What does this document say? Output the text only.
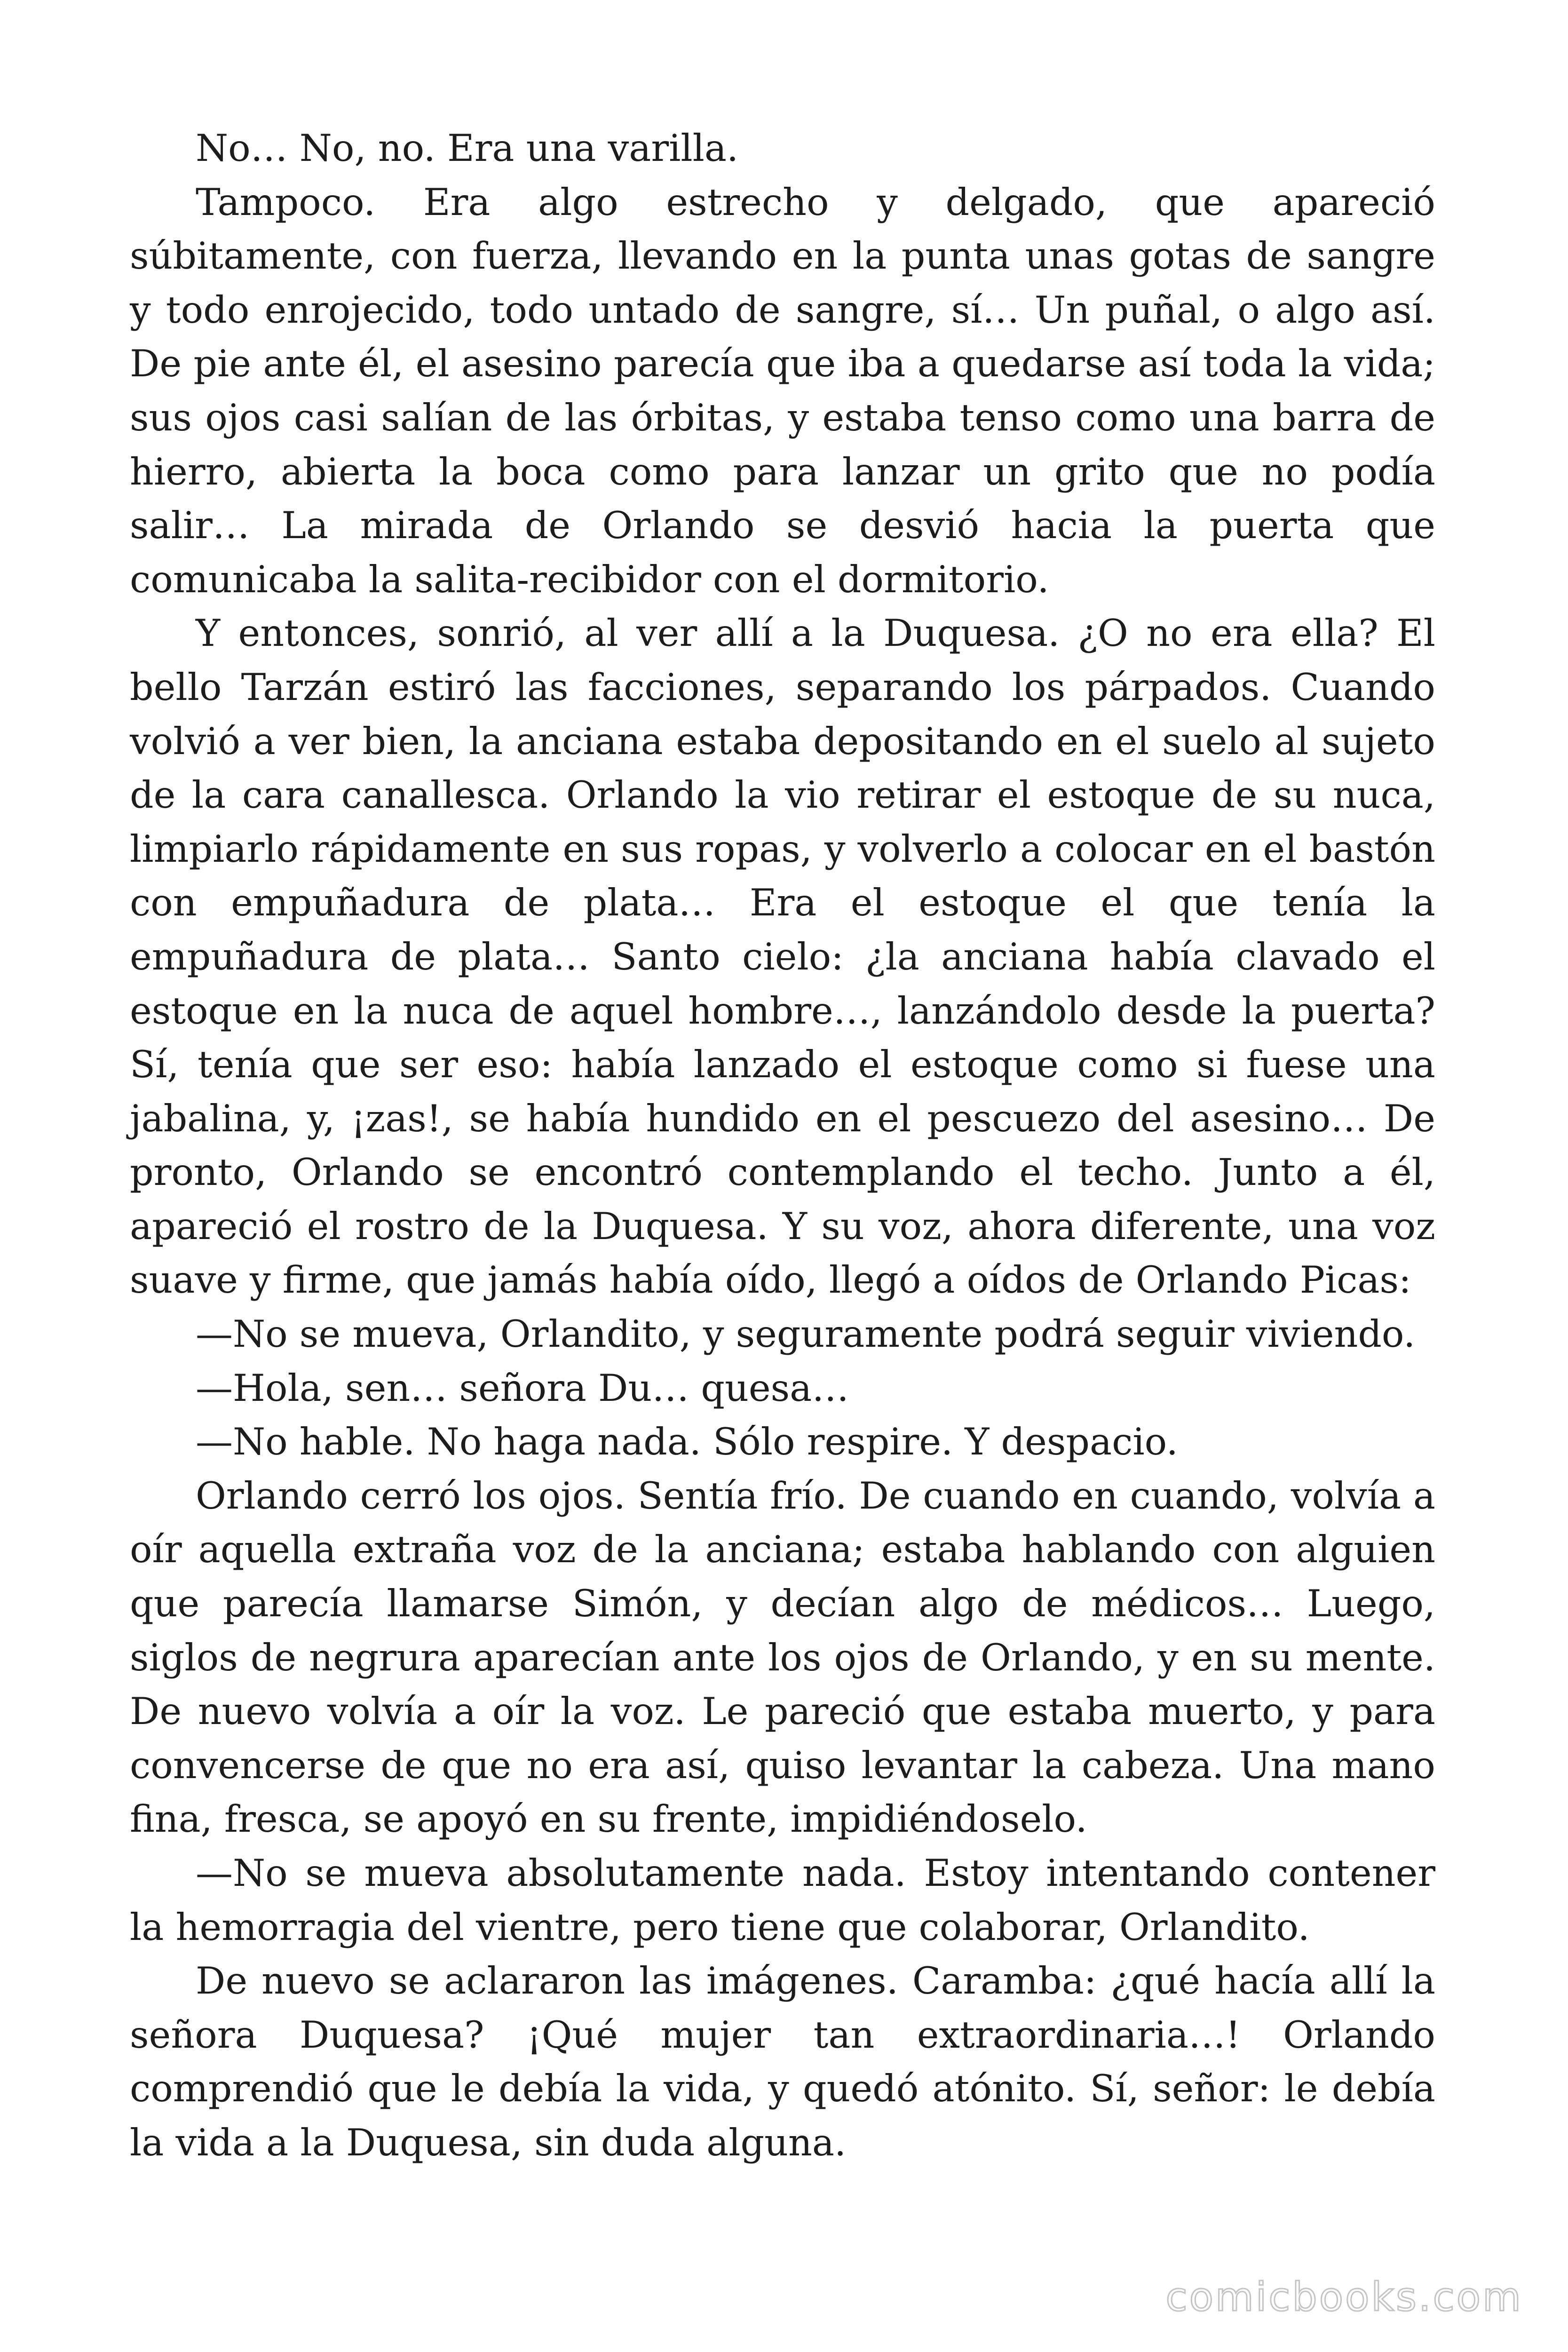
No… No, no. Era una varilla.

Tampoco. Era algo estrecho y delgado, que apareció súbitamente, con fuerza, llevando en la punta unas gotas de sangre y todo enrojecido, todo untado de sangre, sí… Un puñal, o algo así. De pie ante él, el asesino parecía que iba a quedarse así toda la vida; sus ojos casi salían de las órbitas, y estaba tenso como una barra de hierro, abierta la boca como para lanzar un grito que no podía salir… La mirada de Orlando se desvió hacia la puerta que comunicaba la salita-recibidor con el dormitorio.

Y entonces, sonrió, al ver allí a la Duquesa. ¿O no era ella? El bello Tarzán estiró las facciones, separando los párpados. Cuando volvió a ver bien, la anciana estaba depositando en el suelo al sujeto de la cara canallesca. Orlando la vio retirar el estoque de su nuca, limpiarlo rápidamente en sus ropas, y volverlo a colocar en el bastón con empuñadura de plata… Era el estoque el que tenía la empuñadura de plata… Santo cielo: ¿la anciana había clavado el estoque en la nuca de aquel hombre…, lanzándolo desde la puerta? Sí, tenía que ser eso: había lanzado el estoque como si fuese una jabalina, y, ¡zas!, se había hundido en el pescuezo del asesino… De pronto, Orlando se encontró contemplando el techo. Junto a él, apareció el rostro de la Duquesa. Y su voz, ahora diferente, una voz suave y firme, que jamás había oído, llegó a oídos de Orlando Picas:

—No se mueva, Orlandito, y seguramente podrá seguir viviendo.

—Hola, sen… señora Du… quesa…

—No hable. No haga nada. Sólo respire. Y despacio.

Orlando cerró los ojos. Sentía frío. De cuando en cuando, volvía a oír aquella extraña voz de la anciana; estaba hablando con alguien que parecía llamarse Simón, y decían algo de médicos… Luego, siglos de negrura aparecían ante los ojos de Orlando, y en su mente. De nuevo volvía a oír la voz. Le pareció que estaba muerto, y para convencerse de que no era así, quiso levantar la cabeza. Una mano fina, fresca, se apoyó en su frente, impidiéndoselo.

—No se mueva absolutamente nada. Estoy intentando contener la hemorragia del vientre, pero tiene que colaborar, Orlandito.

De nuevo se aclararon las imágenes. Caramba: ¿qué hacía allí la señora Duquesa? ¡Qué mujer tan extraordinaria…! Orlando comprendió que le debía la vida, y quedó atónito. Sí, señor: le debía la vida a la Duquesa, sin duda alguna.

comicbooks.com
